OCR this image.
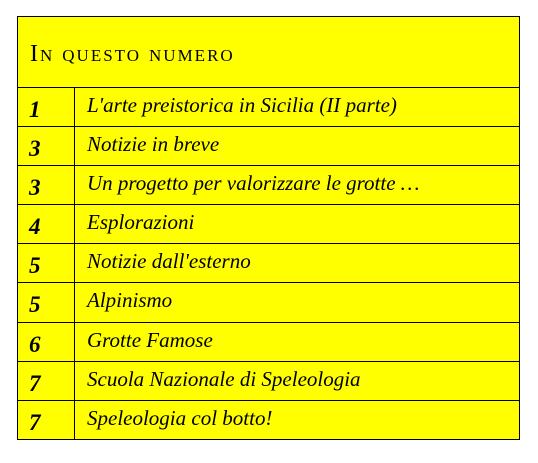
In questo numero
1	L'arte preistorica in Sicilia (II parte)
3	Notizie in breve
3	Un progetto per valorizzare le grotte …
4	Esplorazioni
5	Notizie dall'esterno
5	Alpinismo
6	Grotte Famose
7	Scuola Nazionale di Speleologia
7	Speleologia col botto!
